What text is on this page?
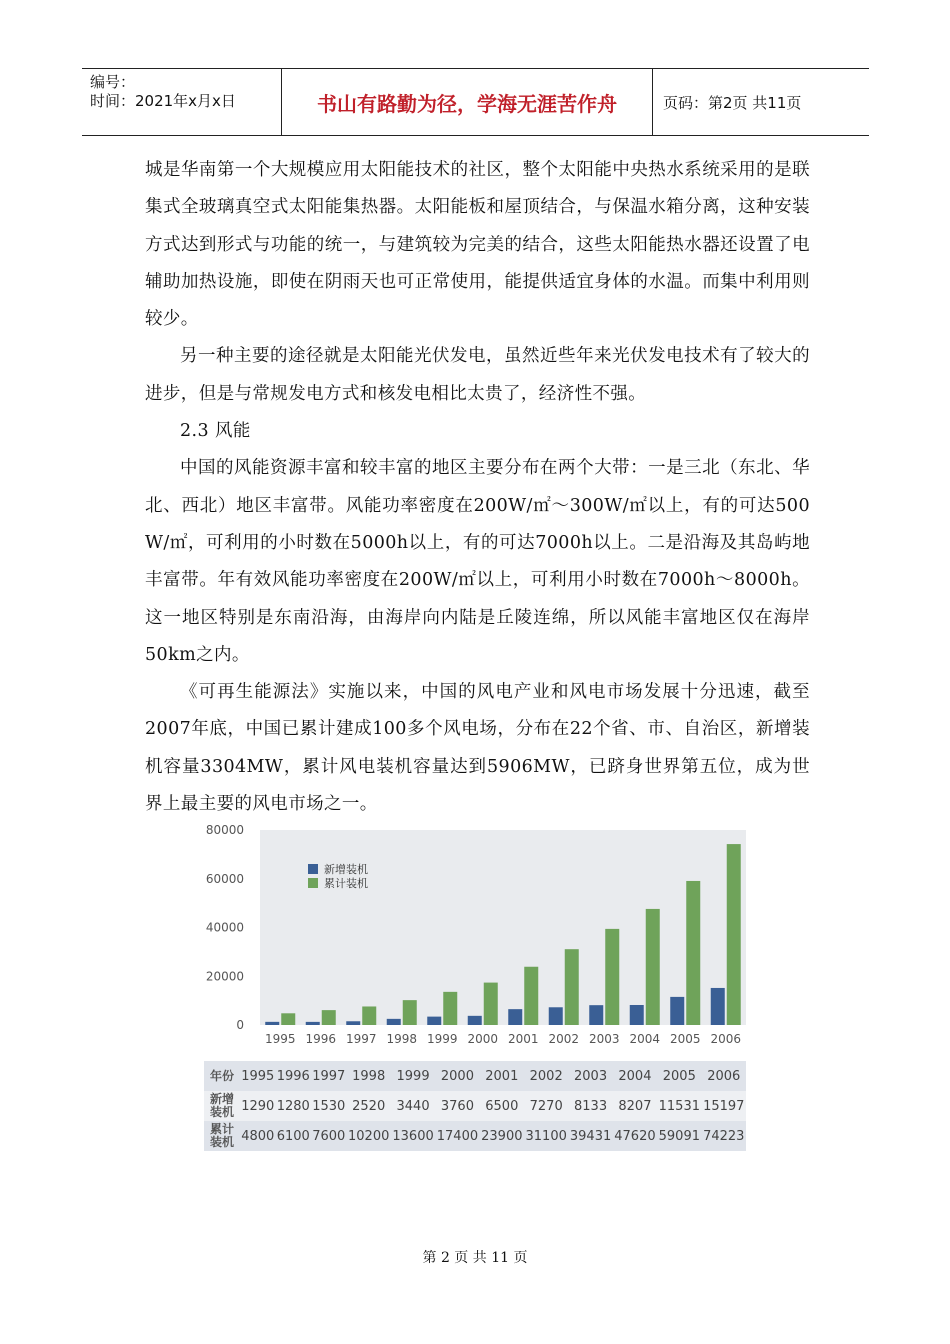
编号：
时间：2021年x月x日	书山有路勤为径，学海无涯苦作舟	页码：第2页 共11页

城是华南第一个大规模应用太阳能技术的社区，整个太阳能中央热水系统采用的是联集式全玻璃真空式太阳能集热器。太阳能板和屋顶结合，与保温水箱分离，这种安装方式达到形式与功能的统一，与建筑较为完美的结合，这些太阳能热水器还设置了电辅助加热设施，即使在阴雨天也可正常使用，能提供适宜身体的水温。而集中利用则较少。

另一种主要的途径就是太阳能光伏发电，虽然近些年来光伏发电技术有了较大的进步，但是与常规发电方式和核发电相比太贵了，经济性不强。

2.3 风能

中国的风能资源丰富和较丰富的地区主要分布在两个大带：一是三北（东北、华北、西北）地区丰富带。风能功率密度在200W/㎡～300W/㎡以上，有的可达500 W/㎡，可利用的小时数在5000h以上，有的可达7000h以上。二是沿海及其岛屿地丰富带。年有效风能功率密度在200W/㎡以上，可利用小时数在7000h～8000h。这一地区特别是东南沿海，由海岸向内陆是丘陵连绵，所以风能丰富地区仅在海岸50km之内。

《可再生能源法》实施以来，中国的风电产业和风电市场发展十分迅速，截至2007年底，中国已累计建成100多个风电场，分布在22个省、市、自治区，新增装机容量3304MW，累计风电装机容量达到5906MW，已跻身世界第五位，成为世界上最主要的风电市场之一。

0
20000
40000
60000
80000
1995 1996 1997 1998 1999 2000 2001 2002 2003 2004 2005 2006
新增装机
累计装机
年份	1995	1996	1997	1998	1999	2000	2001	2002	2003	2004	2005	2006
新增
装机	1290	1280	1530	2520	3440	3760	6500	7270	8133	8207	11531	15197
累计
装机	4800	6100	7600	10200	13600	17400	23900	31100	39431	47620	59091	74223
第 2 页 共 11 页
